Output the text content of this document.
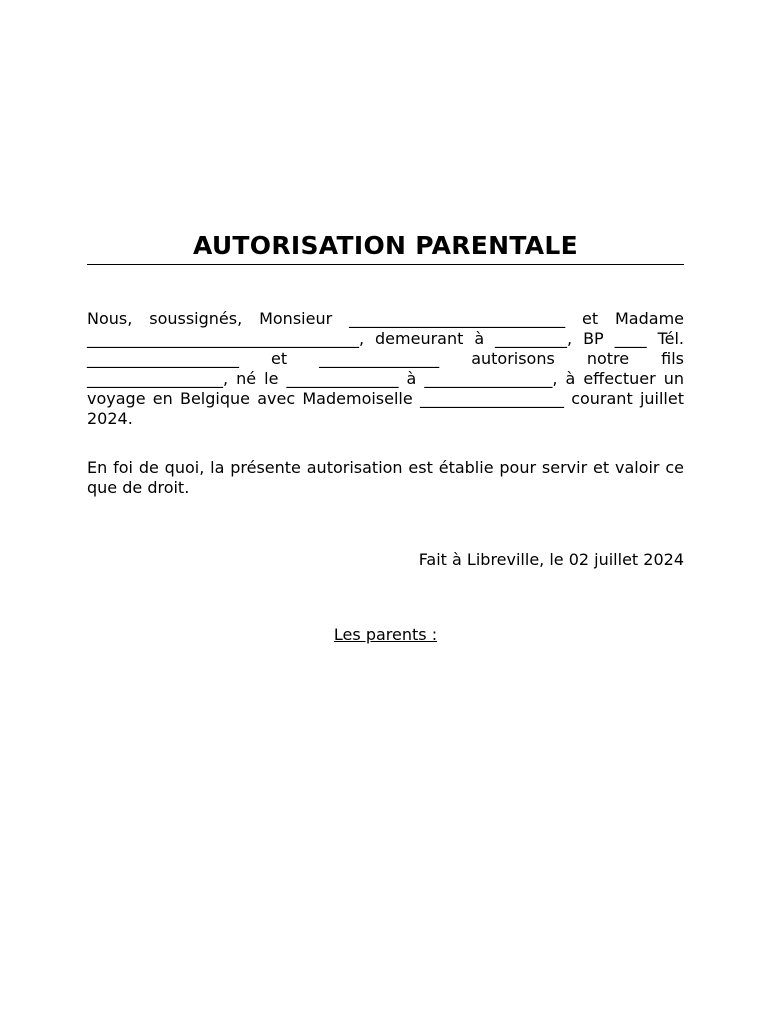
AUTORISATION PARENTALE

Nous, soussignés, Monsieur ___________________________ et Madame __________________________________, demeurant à _________, BP ____ Tél. ___________________ et _______________ autorisons notre fils _________________, né le ______________ à ________________, à effectuer un voyage en Belgique avec Mademoiselle __________________ courant juillet 2024.

En foi de quoi, la présente autorisation est établie pour servir et valoir ce que de droit.

Fait à Libreville, le 02 juillet 2024

Les parents :
